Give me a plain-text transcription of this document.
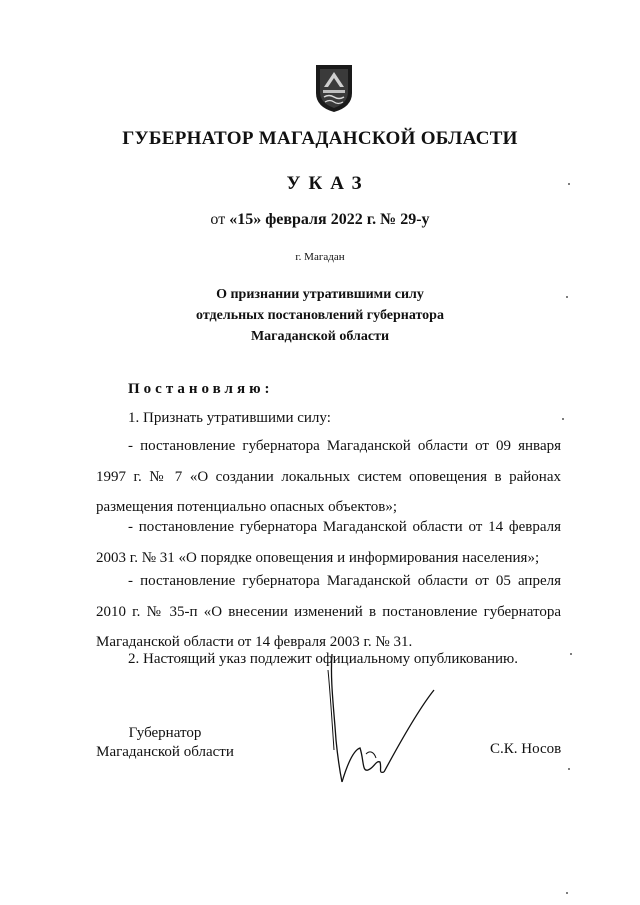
ГУБЕРНАТОР МАГАДАНСКОЙ ОБЛАСТИ
УКАЗ
от «15» февраля 2022 г. № 29-у
г. Магадан
О признании утратившими силу
отдельных постановлений губернатора
Магаданской области
Постановляю:
1. Признать утратившими силу:
- постановление губернатора Магаданской области от 09 января 1997 г. № 7 «О создании локальных систем оповещения в районах размещения потенциально опасных объектов»;
- постановление губернатора Магаданской области от 14 февраля 2003 г. № 31 «О порядке оповещения и информирования населения»;
- постановление губернатора Магаданской области от 05 апреля 2010 г. № 35-п «О внесении изменений в постановление губернатора Магаданской области от 14 февраля 2003 г. № 31.
2. Настоящий указ подлежит официальному опубликованию.
Губернатор
Магаданской области	С.К. Носов
